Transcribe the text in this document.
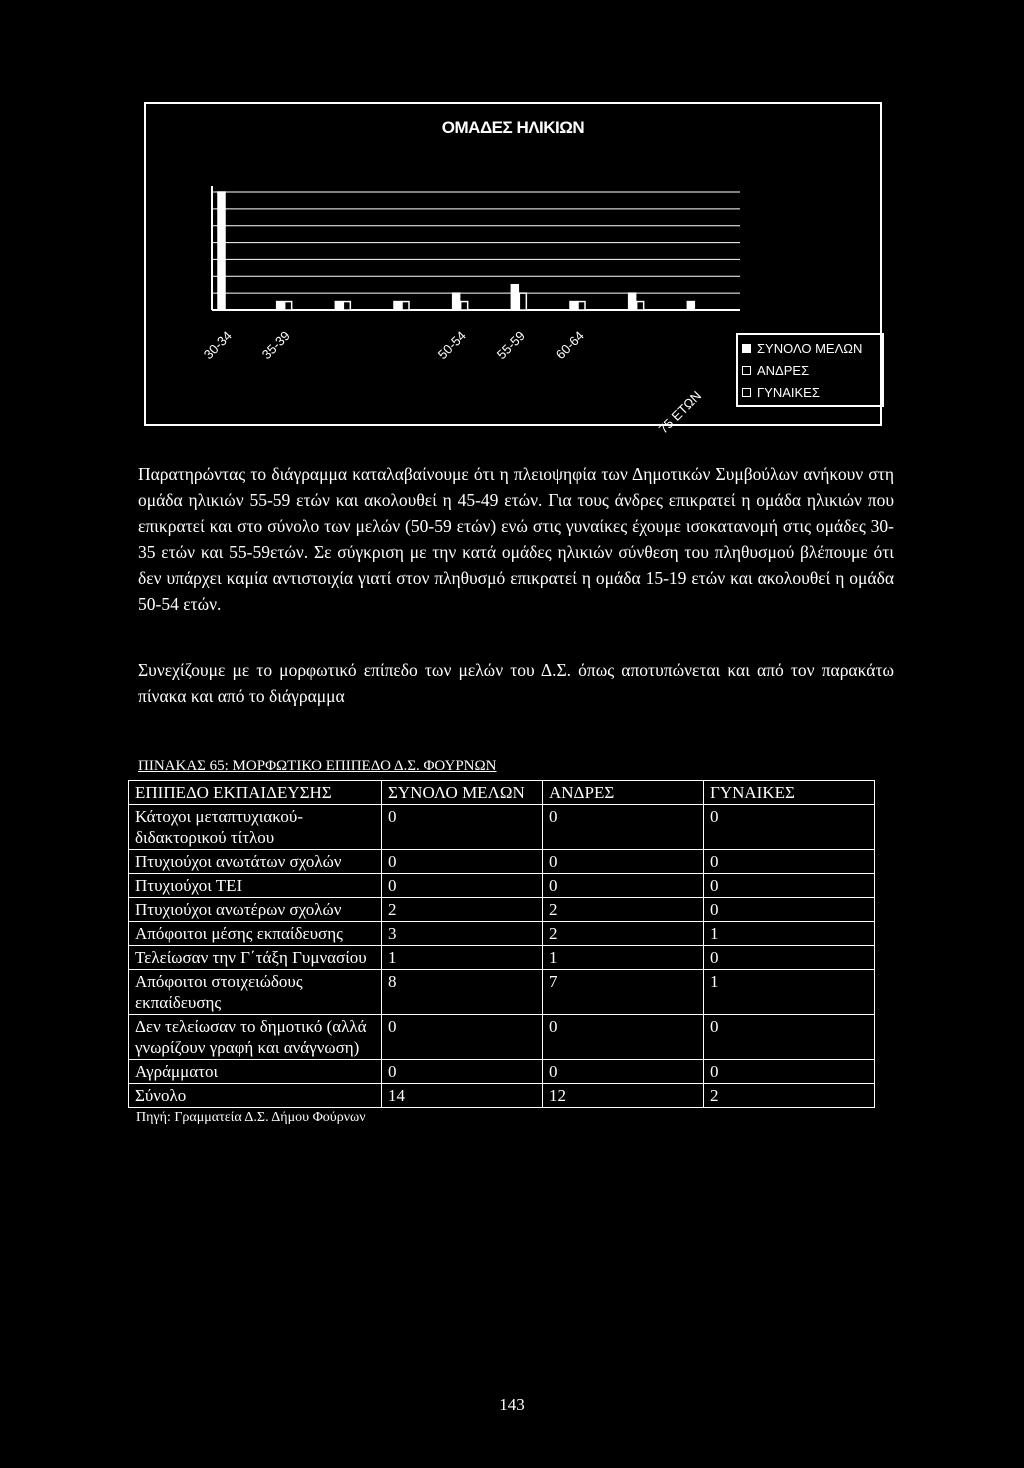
ΟΜΑΔΕΣ ΗΛΙΚΙΩΝ
30-34 35-39	50-54 55-59 60-64
75 ΕΤΩΝ
ΣΥΝΟΛΟ ΜΕΛΩΝ
ΑΝΔΡΕΣ
ΓΥΝΑΙΚΕΣ
Παρατηρώντας το διάγραμμα καταλαβαίνουμε ότι η πλειοψηφία των Δημοτικών Συμβούλων ανήκουν στη ομάδα ηλικιών 55-59 ετών και ακολουθεί η 45-49 ετών. Για τους άνδρες επικρατεί η ομάδα ηλικιών που επικρατεί και στο σύνολο των μελών (50-59 ετών) ενώ στις γυναίκες έχουμε ισοκατανομή στις ομάδες 30-35 ετών και 55-59ετών. Σε σύγκριση με την κατά ομάδες ηλικιών σύνθεση του πληθυσμού βλέπουμε ότι δεν υπάρχει καμία αντιστοιχία γιατί στον πληθυσμό επικρατεί η ομάδα 15-19 ετών και ακολουθεί η ομάδα 50-54 ετών.
Συνεχίζουμε με το μορφωτικό επίπεδο των μελών του Δ.Σ. όπως αποτυπώνεται και από τον παρακάτω πίνακα και από το διάγραμμα
ΠΙΝΑΚΑΣ 65: ΜΟΡΦΩΤΙΚΟ ΕΠΙΠΕΔΟ Δ.Σ. ΦΟΥΡΝΩΝ
ΕΠΙΠΕΔΟ ΕΚΠΑΙΔΕΥΣΗΣ	ΣΥΝΟΛΟ ΜΕΛΩΝ	ΑΝΔΡΕΣ	ΓΥΝΑΙΚΕΣ
Κάτοχοι μεταπτυχιακού-διδακτορικού τίτλου	0	0	0
Πτυχιούχοι ανωτάτων σχολών	0	0	0
Πτυχιούχοι ΤΕΙ	0	0	0
Πτυχιούχοι ανωτέρων σχολών	2	2	0
Απόφοιτοι μέσης εκπαίδευσης	3	2	1
Τελείωσαν την Γ΄τάξη Γυμνασίου	1	1	0
Απόφοιτοι στοιχειώδους εκπαίδευσης	8	7	1
Δεν τελείωσαν το δημοτικό (αλλά γνωρίζουν γραφή και ανάγνωση)	0	0	0
Αγράμματοι	0	0	0
Σύνολο	14	12	2
Πηγή: Γραμματεία Δ.Σ. Δήμου Φούρνων
143
